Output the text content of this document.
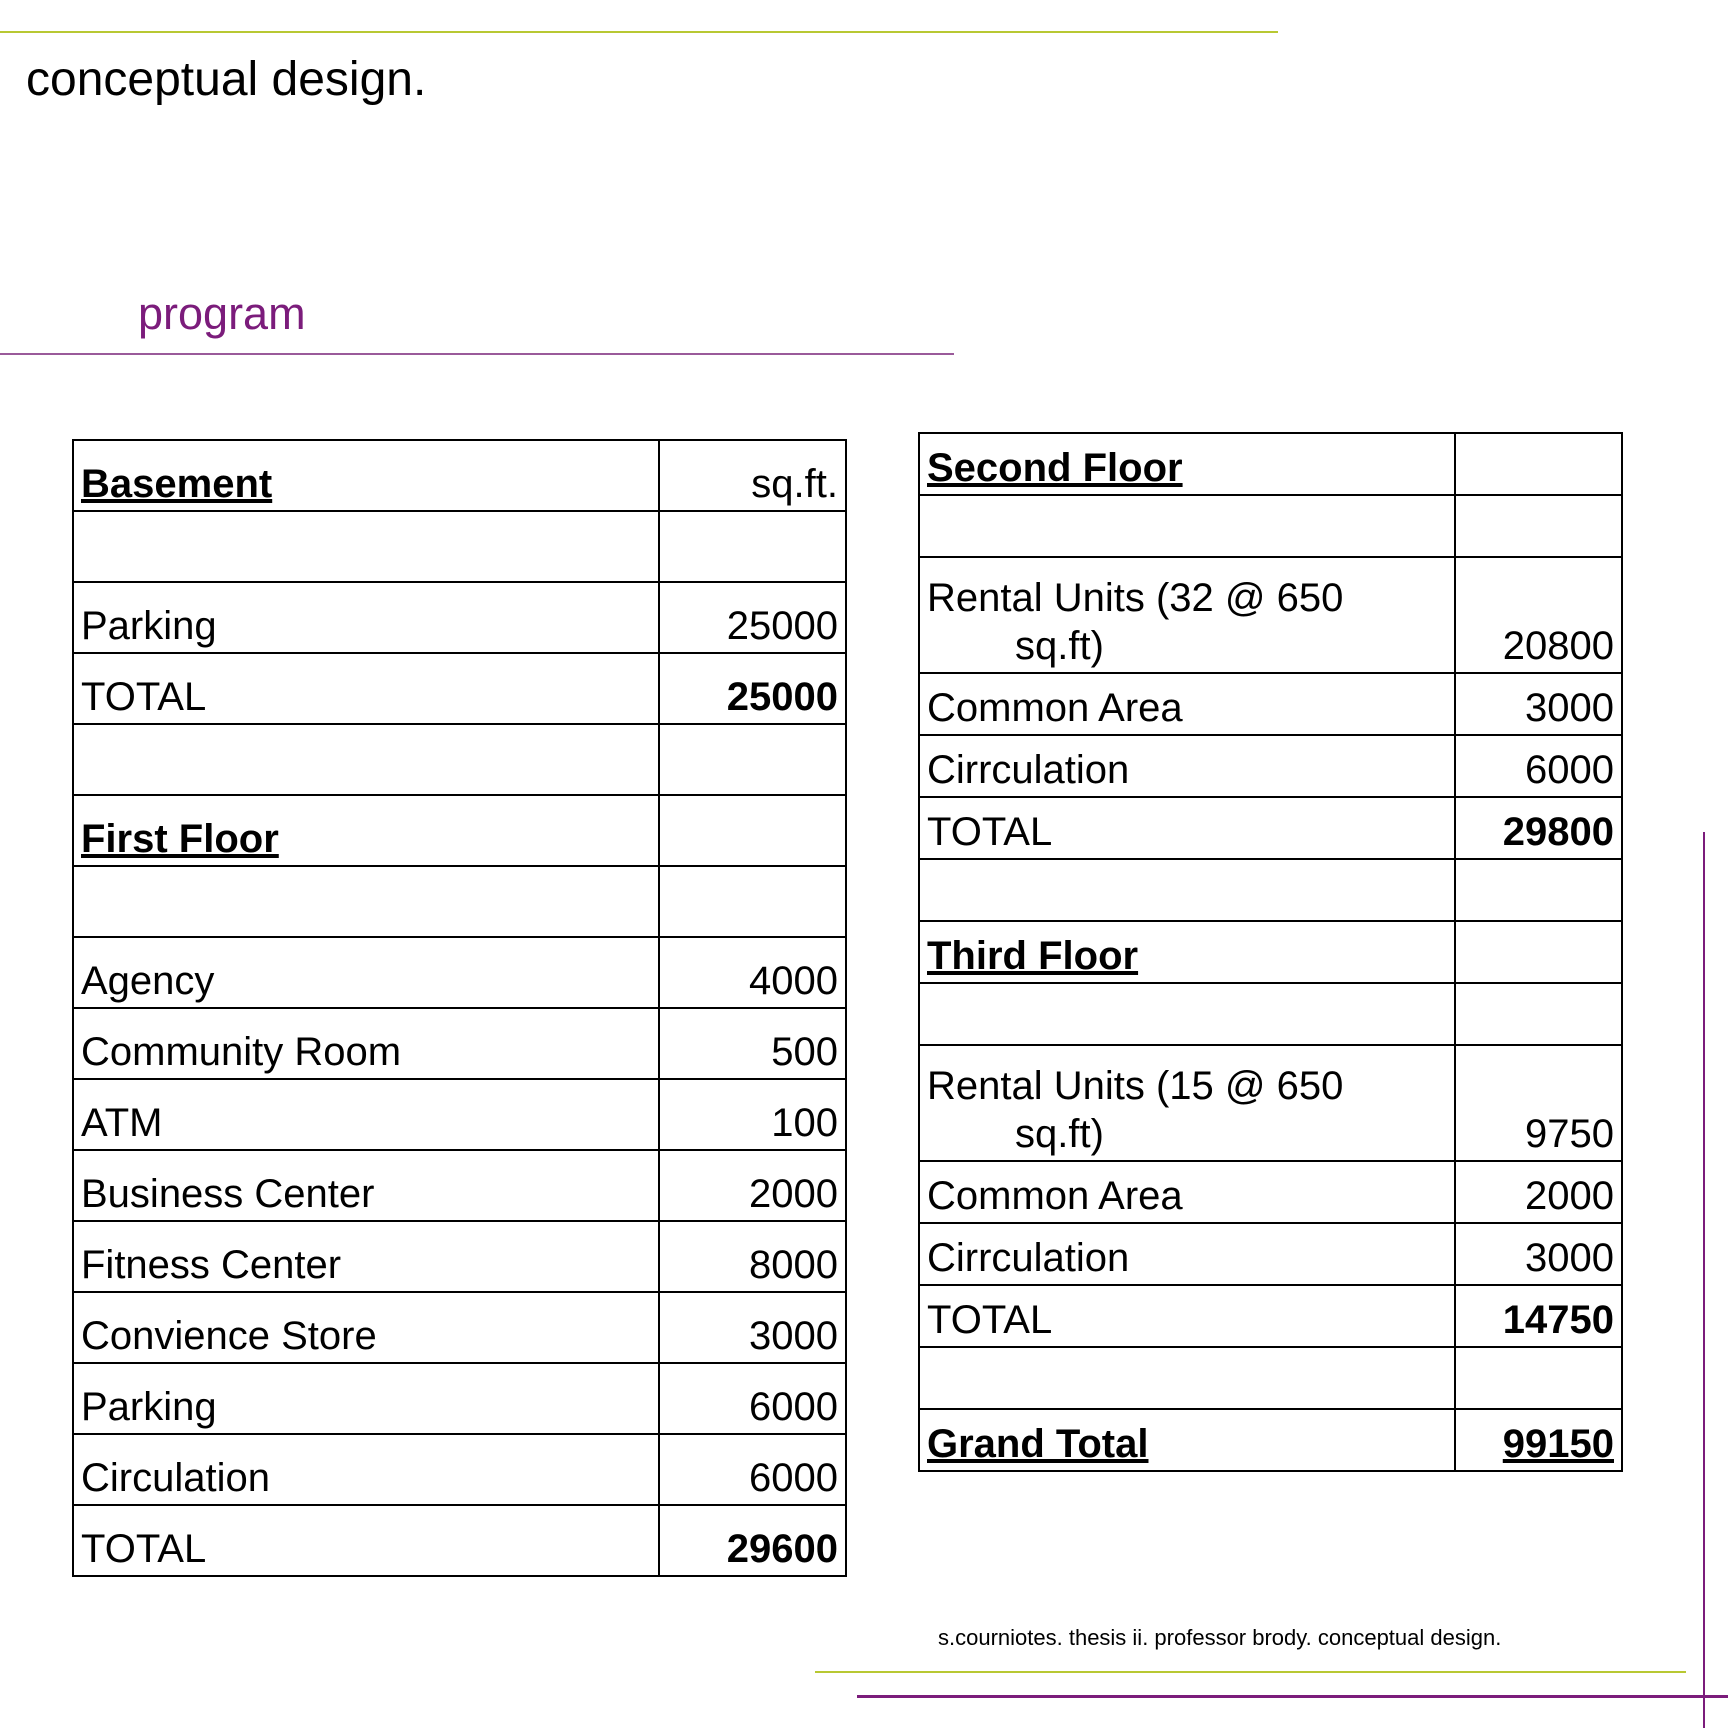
conceptual design.
program
Basement	sq.ft.

Parking	25000
TOTAL	25000

First Floor	

Agency	4000
Community Room	500
ATM	100
Business Center	2000
Fitness Center	8000
Convience Store	3000
Parking	6000
Circulation	6000
TOTAL	29600
Second Floor	

Rental Units (32 @ 650
sq.ft)	20800
Common Area	3000
Cirrculation	6000
TOTAL	29800

Third Floor	

Rental Units (15 @ 650
sq.ft)	9750
Common Area	2000
Cirrculation	3000
TOTAL	14750

Grand Total	99150
s.courniotes. thesis ii. professor brody. conceptual design.
